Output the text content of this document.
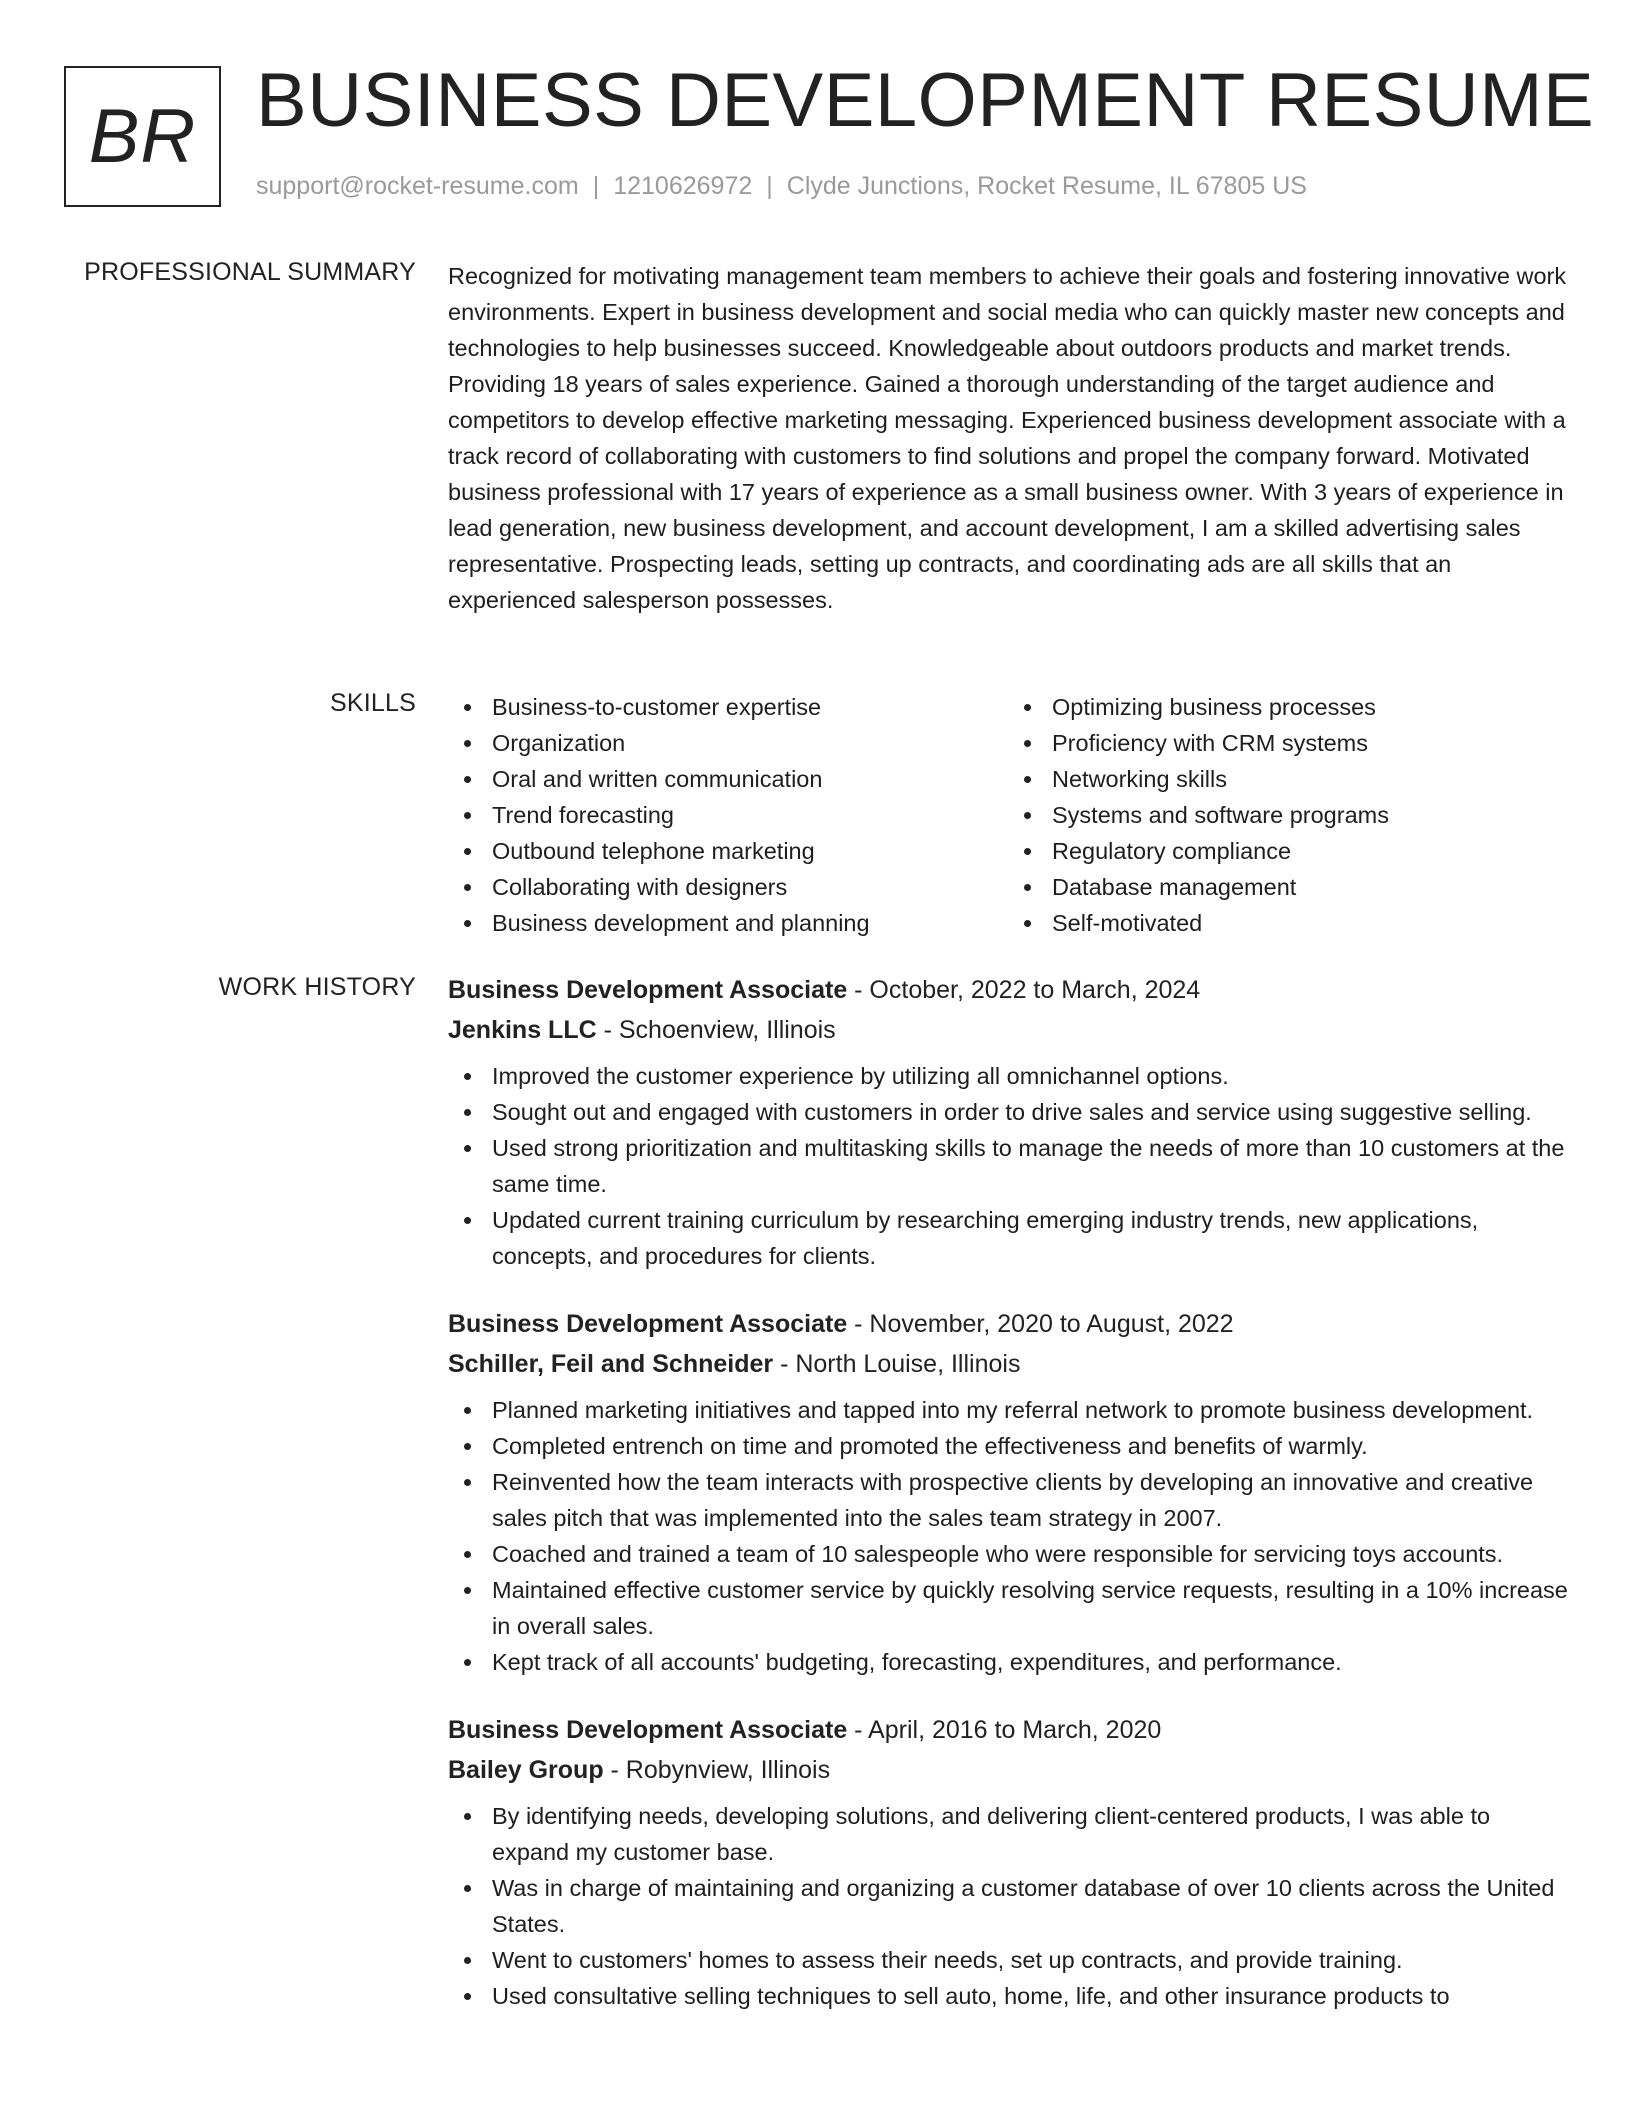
BR BUSINESS DEVELOPMENT RESUME
support@rocket-resume.com | 1210626972 | Clyde Junctions, Rocket Resume, IL 67805 US
PROFESSIONAL SUMMARY Recognized for motivating management team members to achieve their goals and fostering innovative work environments. Expert in business development and social media who can quickly master new concepts and technologies to help businesses succeed. Knowledgeable about outdoors products and market trends. Providing 18 years of sales experience. Gained a thorough understanding of the target audience and competitors to develop effective marketing messaging. Experienced business development associate with a track record of collaborating with customers to find solutions and propel the company forward. Motivated business professional with 17 years of experience as a small business owner. With 3 years of experience in lead generation, new business development, and account development, I am a skilled advertising sales representative. Prospecting leads, setting up contracts, and coordinating ads are all skills that an experienced salesperson possesses.

SKILLS	Business-to-customer expertise
Organization
Oral and written communication
Trend forecasting
Outbound telephone marketing
Collaborating with designers
Business development and planning
Optimizing business processes
Proficiency with CRM systems
Networking skills
Systems and software programs
Regulatory compliance
Database management
Self-motivated
WORK HISTORY Business Development Associate - October, 2022 to March, 2024
Jenkins LLC - Schoenview, Illinois
Improved the customer experience by utilizing all omnichannel options.
Sought out and engaged with customers in order to drive sales and service using suggestive selling.
Used strong prioritization and multitasking skills to manage the needs of more than 10 customers at the same time.
Updated current training curriculum by researching emerging industry trends, new applications, concepts, and procedures for clients.
Business Development Associate - November, 2020 to August, 2022
Schiller, Feil and Schneider - North Louise, Illinois
Planned marketing initiatives and tapped into my referral network to promote business development.
Completed entrench on time and promoted the effectiveness and benefits of warmly.
Reinvented how the team interacts with prospective clients by developing an innovative and creative sales pitch that was implemented into the sales team strategy in 2007.
Coached and trained a team of 10 salespeople who were responsible for servicing toys accounts.
Maintained effective customer service by quickly resolving service requests, resulting in a 10% increase in overall sales.
Kept track of all accounts' budgeting, forecasting, expenditures, and performance.
Business Development Associate - April, 2016 to March, 2020
Bailey Group - Robynview, Illinois
By identifying needs, developing solutions, and delivering client-centered products, I was able to expand my customer base.
Was in charge of maintaining and organizing a customer database of over 10 clients across the United States.
Went to customers' homes to assess their needs, set up contracts, and provide training.
Used consultative selling techniques to sell auto, home, life, and other insurance products to
